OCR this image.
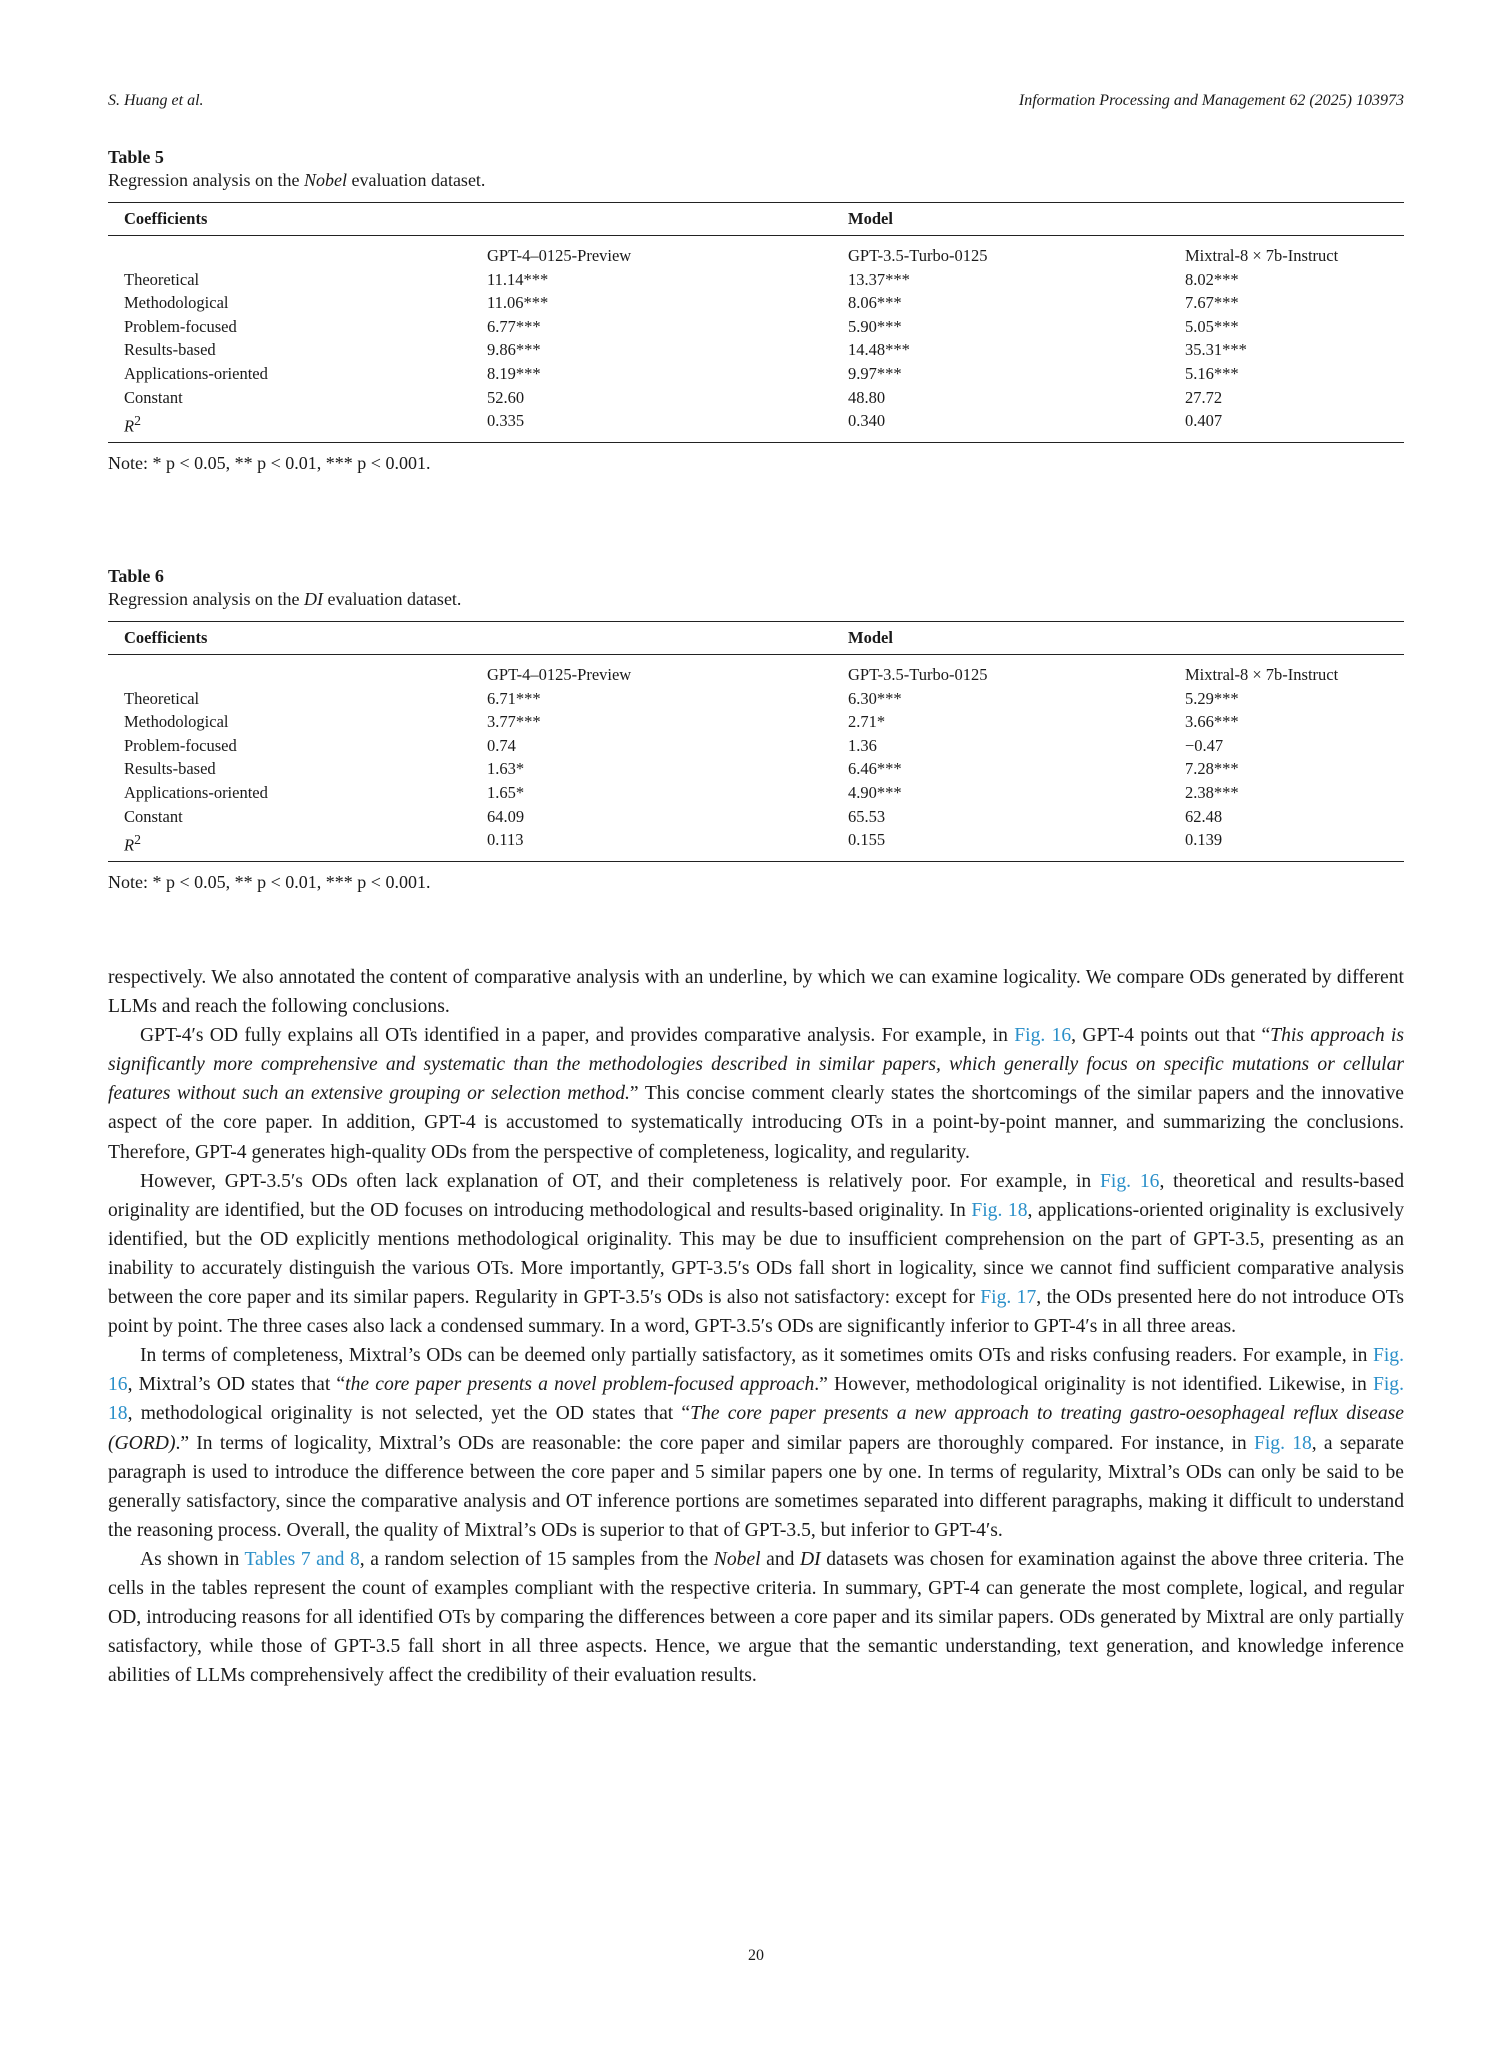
S. Huang et al.	Information Processing and Management 62 (2025) 103973
Table 5
Regression analysis on the Nobel evaluation dataset.
Coefficients		Model	
	GPT-4–0125-Preview	GPT-3.5-Turbo-0125	Mixtral-8 × 7b-Instruct
Theoretical	11.14***	13.37***	8.02***
Methodological	11.06***	8.06***	7.67***
Problem-focused	6.77***	5.90***	5.05***
Results-based	9.86***	14.48***	35.31***
Applications-oriented	8.19***	9.97***	5.16***
Constant	52.60	48.80	27.72
$R^2$	0.335	0.340	0.407
Note: * p < 0.05, ** p < 0.01, *** p < 0.001.
Table 6
Regression analysis on the DI evaluation dataset.
Coefficients		Model	
	GPT-4–0125-Preview	GPT-3.5-Turbo-0125	Mixtral-8 × 7b-Instruct
Theoretical	6.71***	6.30***	5.29***
Methodological	3.77***	2.71*	3.66***
Problem-focused	0.74	1.36	−0.47
Results-based	1.63*	6.46***	7.28***
Applications-oriented	1.65*	4.90***	2.38***
Constant	64.09	65.53	62.48
$R^2$	0.113	0.155	0.139
Note: * p < 0.05, ** p < 0.01, *** p < 0.001.

respectively. We also annotated the content of comparative analysis with an underline, by which we can examine logicality. We compare ODs generated by different LLMs and reach the following conclusions.

GPT-4′s OD fully explains all OTs identified in a paper, and provides comparative analysis. For example, in Fig. 16, GPT-4 points out that “This approach is significantly more comprehensive and systematic than the methodologies described in similar papers, which generally focus on specific mutations or cellular features without such an extensive grouping or selection method.” This concise comment clearly states the shortcomings of the similar papers and the innovative aspect of the core paper. In addition, GPT-4 is accustomed to systematically introducing OTs in a point-by-point manner, and summarizing the conclusions. Therefore, GPT-4 generates high-quality ODs from the perspective of completeness, logicality, and regularity.

However, GPT-3.5′s ODs often lack explanation of OT, and their completeness is relatively poor. For example, in Fig. 16, theoretical and results-based originality are identified, but the OD focuses on introducing methodological and results-based originality. In Fig. 18, applications-oriented originality is exclusively identified, but the OD explicitly mentions methodological originality. This may be due to insufficient comprehension on the part of GPT-3.5, presenting as an inability to accurately distinguish the various OTs. More importantly, GPT-3.5′s ODs fall short in logicality, since we cannot find sufficient comparative analysis between the core paper and its similar papers. Regularity in GPT-3.5′s ODs is also not satisfactory: except for Fig. 17, the ODs presented here do not introduce OTs point by point. The three cases also lack a condensed summary. In a word, GPT-3.5′s ODs are significantly inferior to GPT-4′s in all three areas.

In terms of completeness, Mixtral’s ODs can be deemed only partially satisfactory, as it sometimes omits OTs and risks confusing readers. For example, in Fig. 16, Mixtral’s OD states that “the core paper presents a novel problem-focused approach.” However, methodological originality is not identified. Likewise, in Fig. 18, methodological originality is not selected, yet the OD states that “The core paper presents a new approach to treating gastro-oesophageal reflux disease (GORD).” In terms of logicality, Mixtral’s ODs are reasonable: the core paper and similar papers are thoroughly compared. For instance, in Fig. 18, a separate paragraph is used to introduce the difference between the core paper and 5 similar papers one by one. In terms of regularity, Mixtral’s ODs can only be said to be generally satisfactory, since the comparative analysis and OT inference portions are sometimes separated into different paragraphs, making it difficult to understand the reasoning process. Overall, the quality of Mixtral’s ODs is superior to that of GPT-3.5, but inferior to GPT-4′s.

As shown in Tables 7 and 8, a random selection of 15 samples from the Nobel and DI datasets was chosen for examination against the above three criteria. The cells in the tables represent the count of examples compliant with the respective criteria. In summary, GPT-4 can generate the most complete, logical, and regular OD, introducing reasons for all identified OTs by comparing the differences between a core paper and its similar papers. ODs generated by Mixtral are only partially satisfactory, while those of GPT-3.5 fall short in all three aspects. Hence, we argue that the semantic understanding, text generation, and knowledge inference abilities of LLMs comprehensively affect the credibility of their evaluation results.

20
